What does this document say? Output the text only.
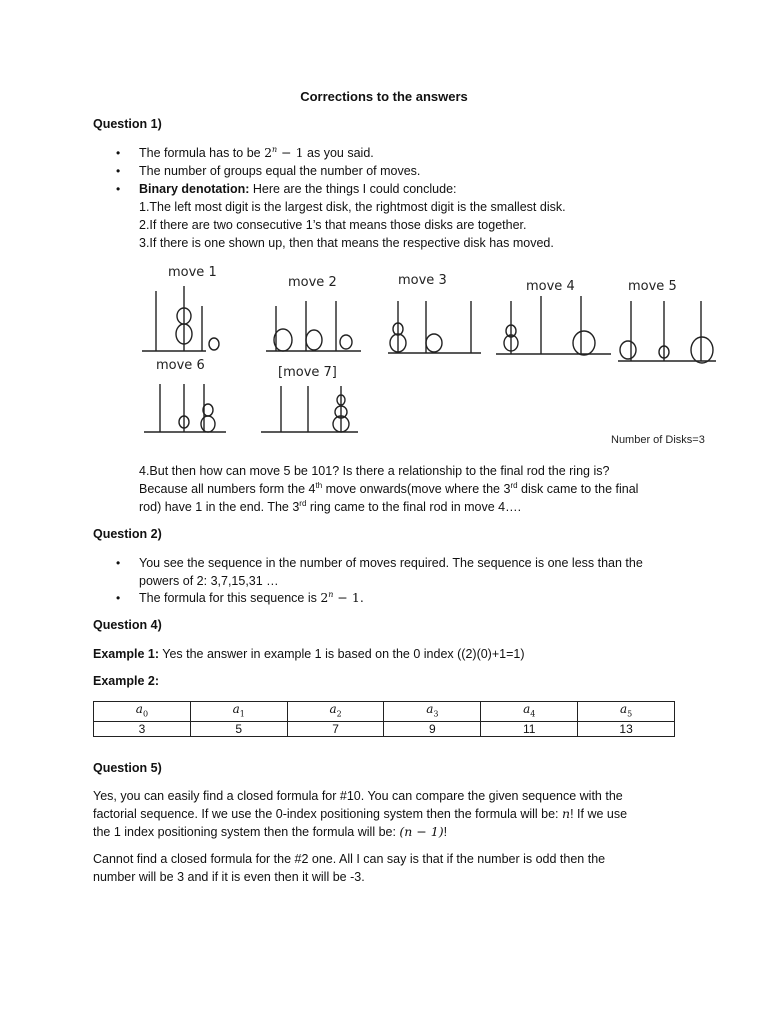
Corrections to the answers
Question 1)
• The formula has to be $2^n - 1$ as you said.
• The number of groups equal the number of moves.
• Binary denotation: Here are the things I could conclude:
1.The left most digit is the largest disk, the rightmost digit is the smallest disk.
2.If there are two consecutive 1’s that means those disks are together.
3.If there is one shown up, then that means the respective disk has moved.
move 1
move 2	move 3	move 4	move 5
move 6	[move 7]
Number of Disks=3
4.But then how can move 5 be 101? Is there a relationship to the final rod the ring is?
Because all numbers form the 4th move onwards(move where the 3rd disk came to the final
rod) have 1 in the end. The 3rd ring came to the final rod in move 4….
Question 2)
• You see the sequence in the number of moves required. The sequence is one less than the
powers of 2: 3,7,15,31 …
• The formula for this sequence is $2^n - 1$.
Question 4)
Example 1: Yes the answer in example 1 is based on the 0 index ((2)(0)+1=1)
Example 2:
$a_0$	$a_1$	$a_2$	$a_3$	$a_4$	$a_5$
3	5	7	9	11	13
Question 5)
Yes, you can easily find a closed formula for #10. You can compare the given sequence with the
factorial sequence. If we use the 0-index positioning system then the formula will be: n! If we use
the 1 index positioning system then the formula will be: (n − 1)!
Cannot find a closed formula for the #2 one. All I can say is that if the number is odd then the
number will be 3 and if it is even then it will be -3.
